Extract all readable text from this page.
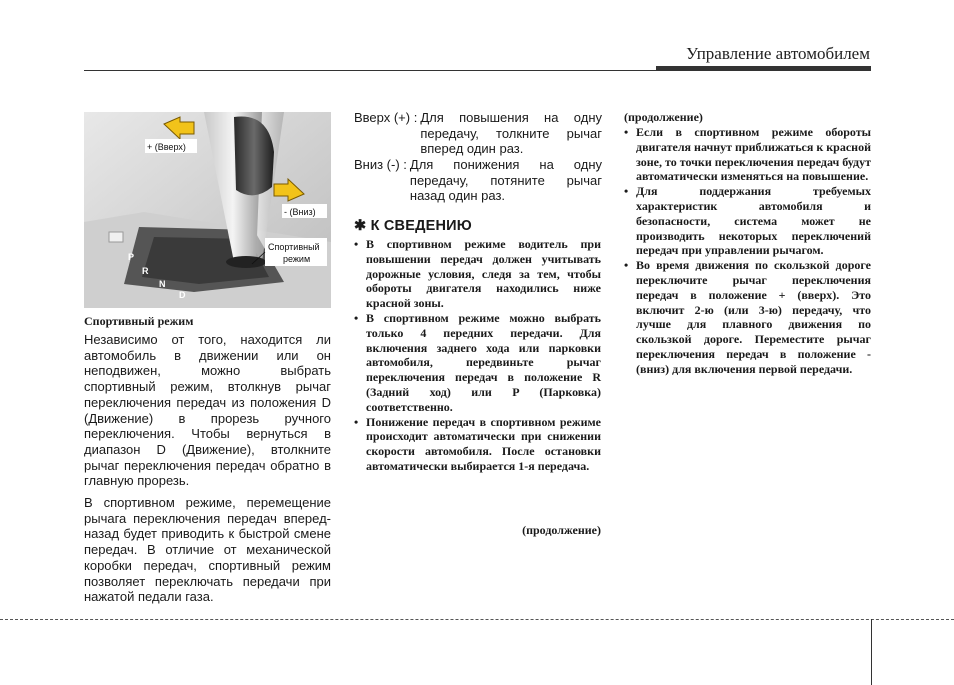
Управление автомобилем
P
R
N
D
+ (Вверх)
- (Вниз)
Спортивный
режим
Спортивный режим
Независимо от того, находится ли автомобиль в движении или он неподвижен, можно выбрать спортивный режим, втолкнув рычаг переключения передач из положения D (Движение) в прорезь ручного переключения. Чтобы вернуться в диапазон D (Движение), втолкните рычаг переключения передач обратно в главную прорезь.
В спортивном режиме, перемещение рычага переключения передач вперед-назад будет приводить к быстрой смене передач. В отличие от механической коробки передач, спортивный режим позволяет переключать передачи при нажатой педали газа.
Вверх (+) : Для повышения на одну передачу, толкните рычаг вперед один раз.
Вниз (-) : Для понижения на одну передачу, потяните рычаг назад один раз.
✱ К СВЕДЕНИЮ
• В спортивном режиме водитель при повышении передач должен учитывать дорожные условия, следя за тем, чтобы обороты двигателя находились ниже красной зоны.
• В спортивном режиме можно выбрать только 4 передних передачи. Для включения заднего хода или парковки автомобиля, передвиньте рычаг переключения передач в положение R (Задний ход) или P (Парковка) соответственно.
• Понижение передач в спортивном режиме происходит автоматически при снижении скорости автомобиля. После остановки автоматически выбирается 1-я передача.
(продолжение)
(продолжение)
• Если в спортивном режиме обороты двигателя начнут приближаться к красной зоне, то точки переключения передач будут автоматически изменяться на повышение.
• Для поддержания требуемых характеристик автомобиля и безопасности, система может не производить некоторых переключений передач при управлении рычагом.
• Во время движения по скользкой дороге переключите рычаг переключения передач в положение + (вверх). Это включит 2-ю (или 3-ю) передачу, что лучше для плавного движения по скользкой дороге. Переместите рычаг переключения передач в положение - (вниз) для включения первой передачи.
